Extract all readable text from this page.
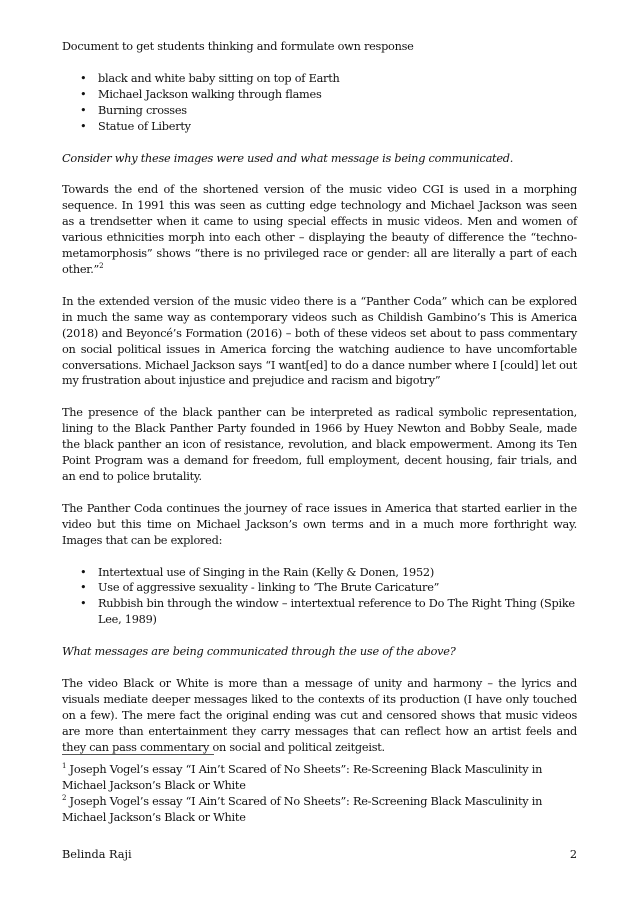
Document to get students thinking and formulate own response

• black and white baby sitting on top of Earth
• Michael Jackson walking through flames
• Burning crosses
• Statue of Liberty

Consider why these images were used and what message is being communicated.

Towards the end of the shortened version of the music video CGI is used in a morphing sequence. In 1991 this was seen as cutting edge technology and Michael Jackson was seen as a trendsetter when it came to using special effects in music videos. Men and women of various ethnicities morph into each other – displaying the beauty of difference the “techno-metamorphosis” shows “there is no privileged race or gender: all are literally a part of each other.”$^2$

In the extended version of the music video there is a “Panther Coda” which can be explored in much the same way as contemporary videos such as Childish Gambino’s This is America (2018) and Beyoncé’s Formation (2016) – both of these videos set about to pass commentary on social political issues in America forcing the watching audience to have uncomfortable conversations. Michael Jackson says “I want[ed] to do a dance number where I [could] let out my frustration about injustice and prejudice and racism and bigotry”

The presence of the black panther can be interpreted as radical symbolic representation, lining to the Black Panther Party founded in 1966 by Huey Newton and Bobby Seale, made the black panther an icon of resistance, revolution, and black empowerment. Among its Ten Point Program was a demand for freedom, full employment, decent housing, fair trials, and an end to police brutality.

The Panther Coda continues the journey of race issues in America that started earlier in the video but this time on Michael Jackson’s own terms and in a much more forthright way. Images that can be explored:

• Intertextual use of Singing in the Rain (Kelly & Donen, 1952)
• Use of aggressive sexuality - linking to ‘The Brute Caricature”
• Rubbish bin through the window – intertextual reference to Do The Right Thing (Spike Lee, 1989)

What messages are being communicated through the use of the above?

The video Black or White is more than a message of unity and harmony – the lyrics and visuals mediate deeper messages liked to the contexts of its production (I have only touched on a few). The mere fact the original ending was cut and censored shows that music videos are more than entertainment they carry messages that can reflect how an artist feels and they can pass commentary on social and political zeitgeist.

$^1$ Joseph Vogel’s essay “I Ain’t Scared of No Sheets”: Re-Screening Black Masculinity in Michael Jackson’s Black or White

$^2$ Joseph Vogel’s essay “I Ain’t Scared of No Sheets”: Re-Screening Black Masculinity in Michael Jackson’s Black or White

Belinda Raji	2
